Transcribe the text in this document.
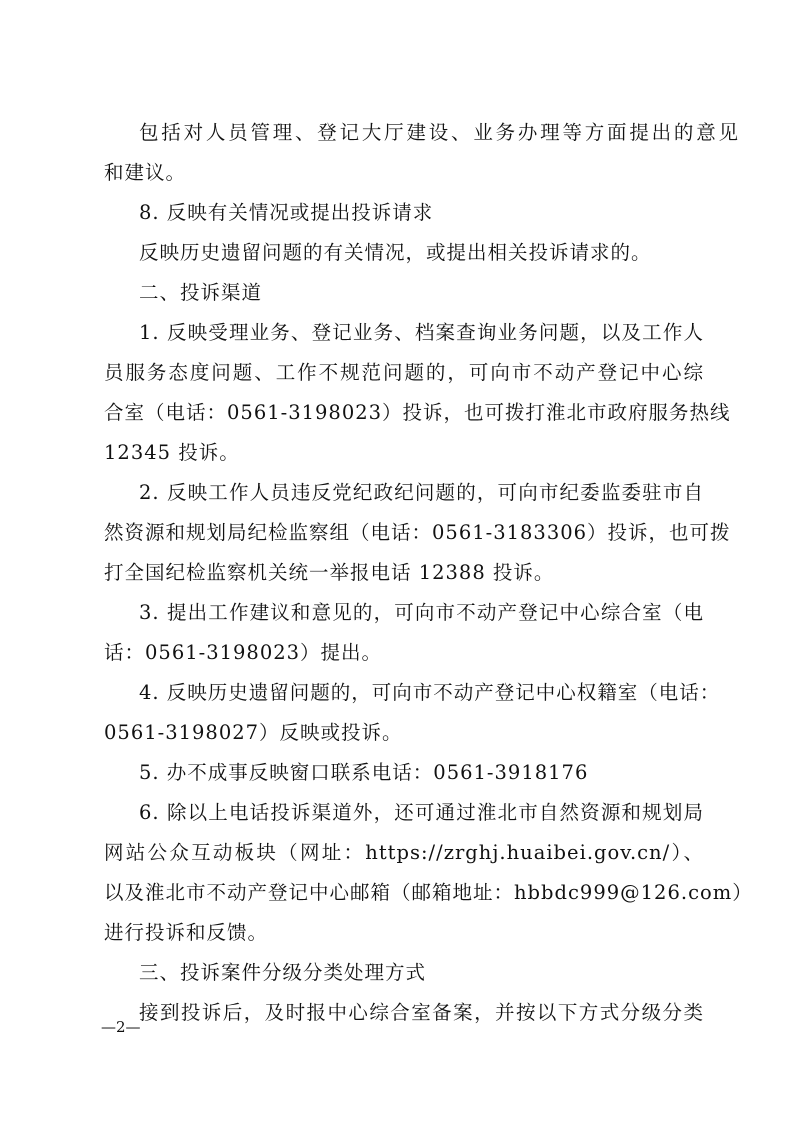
包括对人员管理、登记大厅建设、业务办理等方面提出的意见
和建议。
8. 反映有关情况或提出投诉请求
反映历史遗留问题的有关情况，或提出相关投诉请求的。
二、投诉渠道
1. 反映受理业务、登记业务、档案查询业务问题，以及工作人
员服务态度问题、工作不规范问题的，可向市不动产登记中心综
合室（电话：0561-3198023）投诉，也可拨打淮北市政府服务热线
12345 投诉。
2. 反映工作人员违反党纪政纪问题的，可向市纪委监委驻市自
然资源和规划局纪检监察组（电话：0561-3183306）投诉，也可拨
打全国纪检监察机关统一举报电话 12388 投诉。
3. 提出工作建议和意见的，可向市不动产登记中心综合室（电
话：0561-3198023）提出。
4. 反映历史遗留问题的，可向市不动产登记中心权籍室（电话：
0561-3198027）反映或投诉。
5. 办不成事反映窗口联系电话：0561-3918176
6. 除以上电话投诉渠道外，还可通过淮北市自然资源和规划局
网站公众互动板块（网址：https://zrghj.huaibei.gov.cn/）、
以及淮北市不动产登记中心邮箱（邮箱地址：hbbdc999@126.com）
进行投诉和反馈。
三、投诉案件分级分类处理方式
接到投诉后，及时报中心综合室备案，并按以下方式分级分类
—2—
